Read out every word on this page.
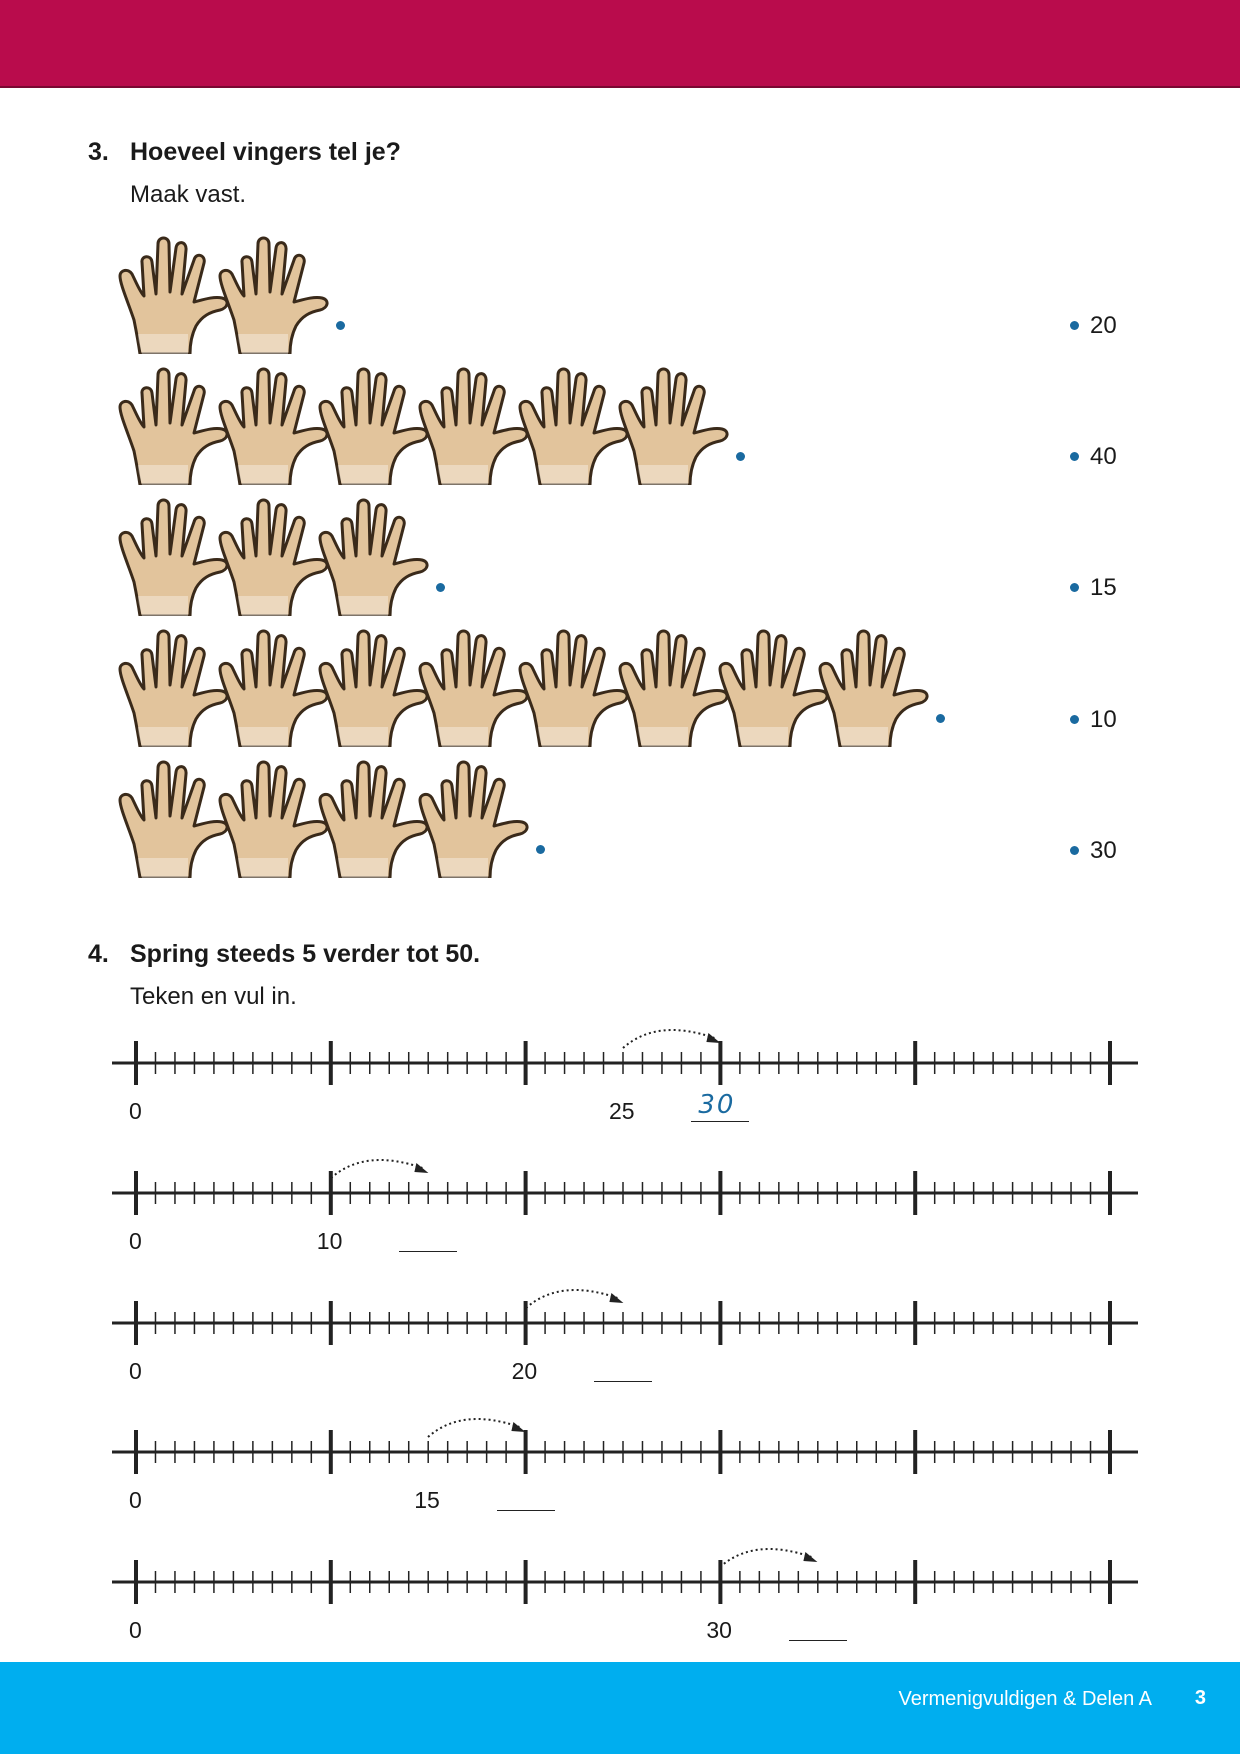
3. Hoeveel vingers tel je?
Maak vast.
20
40
15
10
30
4. Spring steeds 5 verder tot 50.
Teken en vul in.
0	25 30
0	10
0	20
0	15
0	30
Vermenigvuldigen & Delen A 3
